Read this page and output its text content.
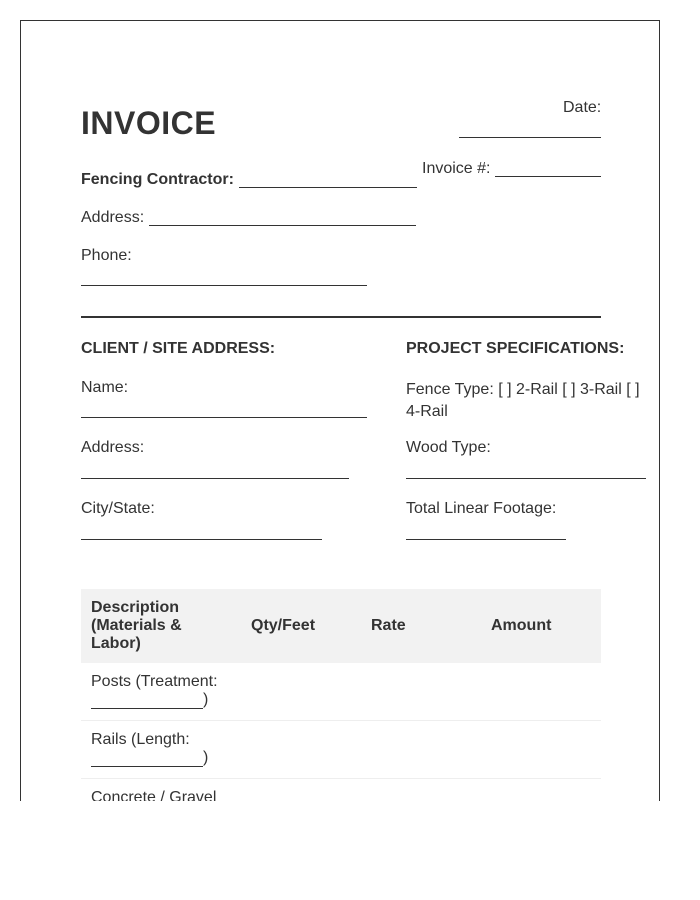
INVOICE	Date:
Invoice #:
Fencing Contractor:
Address:
Phone:
CLIENT / SITE ADDRESS:
Name:
Address:
City/State:
PROJECT SPECIFICATIONS:
Fence Type: [ ] 2-Rail [ ] 3-Rail [ ] 4-Rail
Wood Type:
Total Linear Footage:
Description (Materials & Labor)	Qty/Feet	Rate	Amount
Posts (Treatment:
)			
Rails (Length:
)			
Concrete / Gravel			
